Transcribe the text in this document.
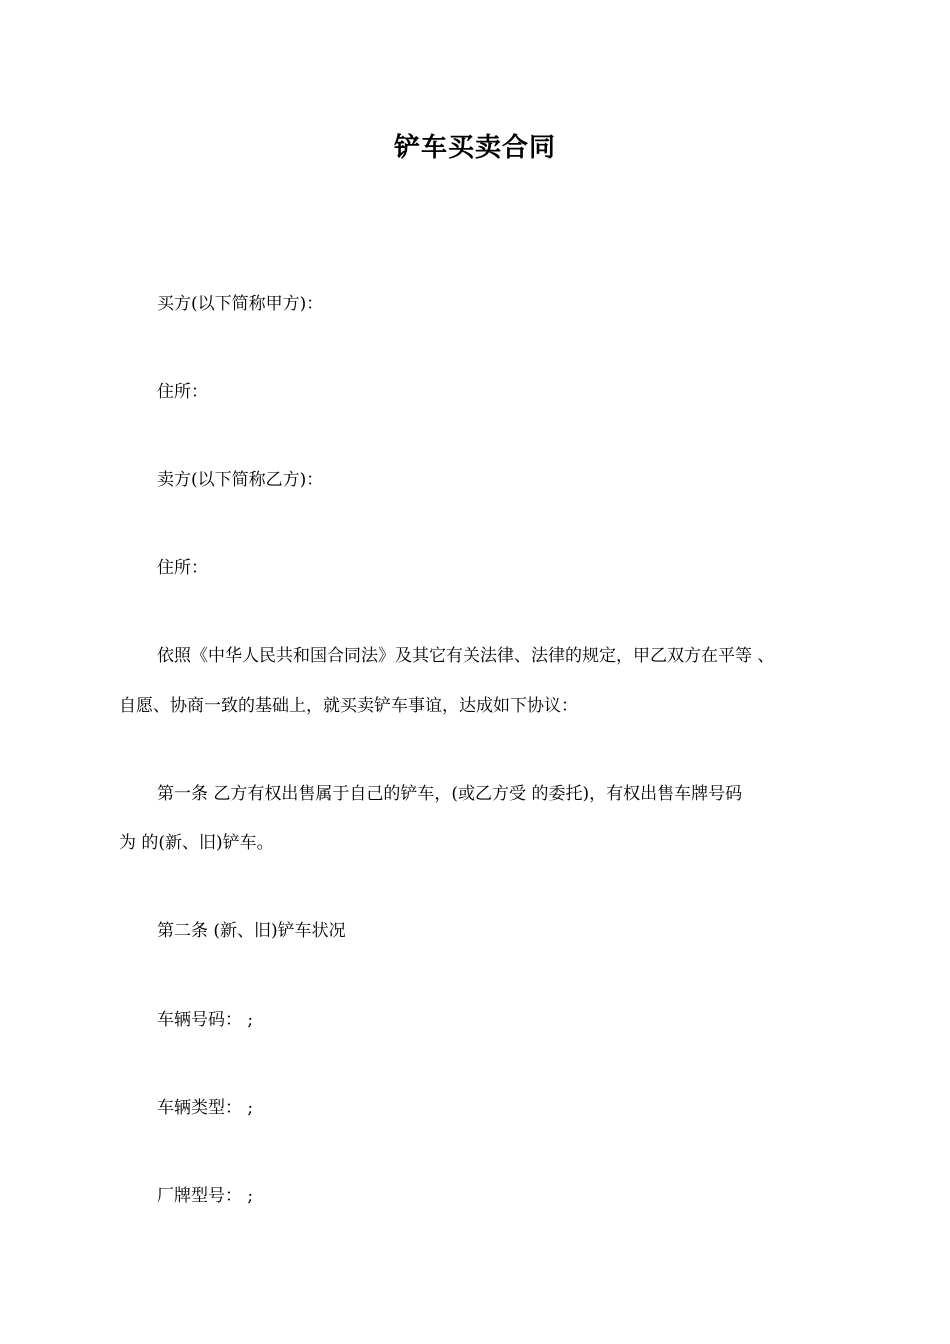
铲车买卖合同
买方(以下简称甲方)：
住所：
卖方(以下简称乙方)：
住所：
依照《中华人民共和国合同法》及其它有关法律、法律的规定，甲乙双方在平等 、
自愿、协商一致的基础上，就买卖铲车事谊，达成如下协议：
第一条 乙方有权出售属于自己的铲车，(或乙方受 的委托)，有权出售车牌号码
为 的(新、旧)铲车。
第二条 (新、旧)铲车状况
车辆号码： ;
车辆类型： ;
厂牌型号： ;
